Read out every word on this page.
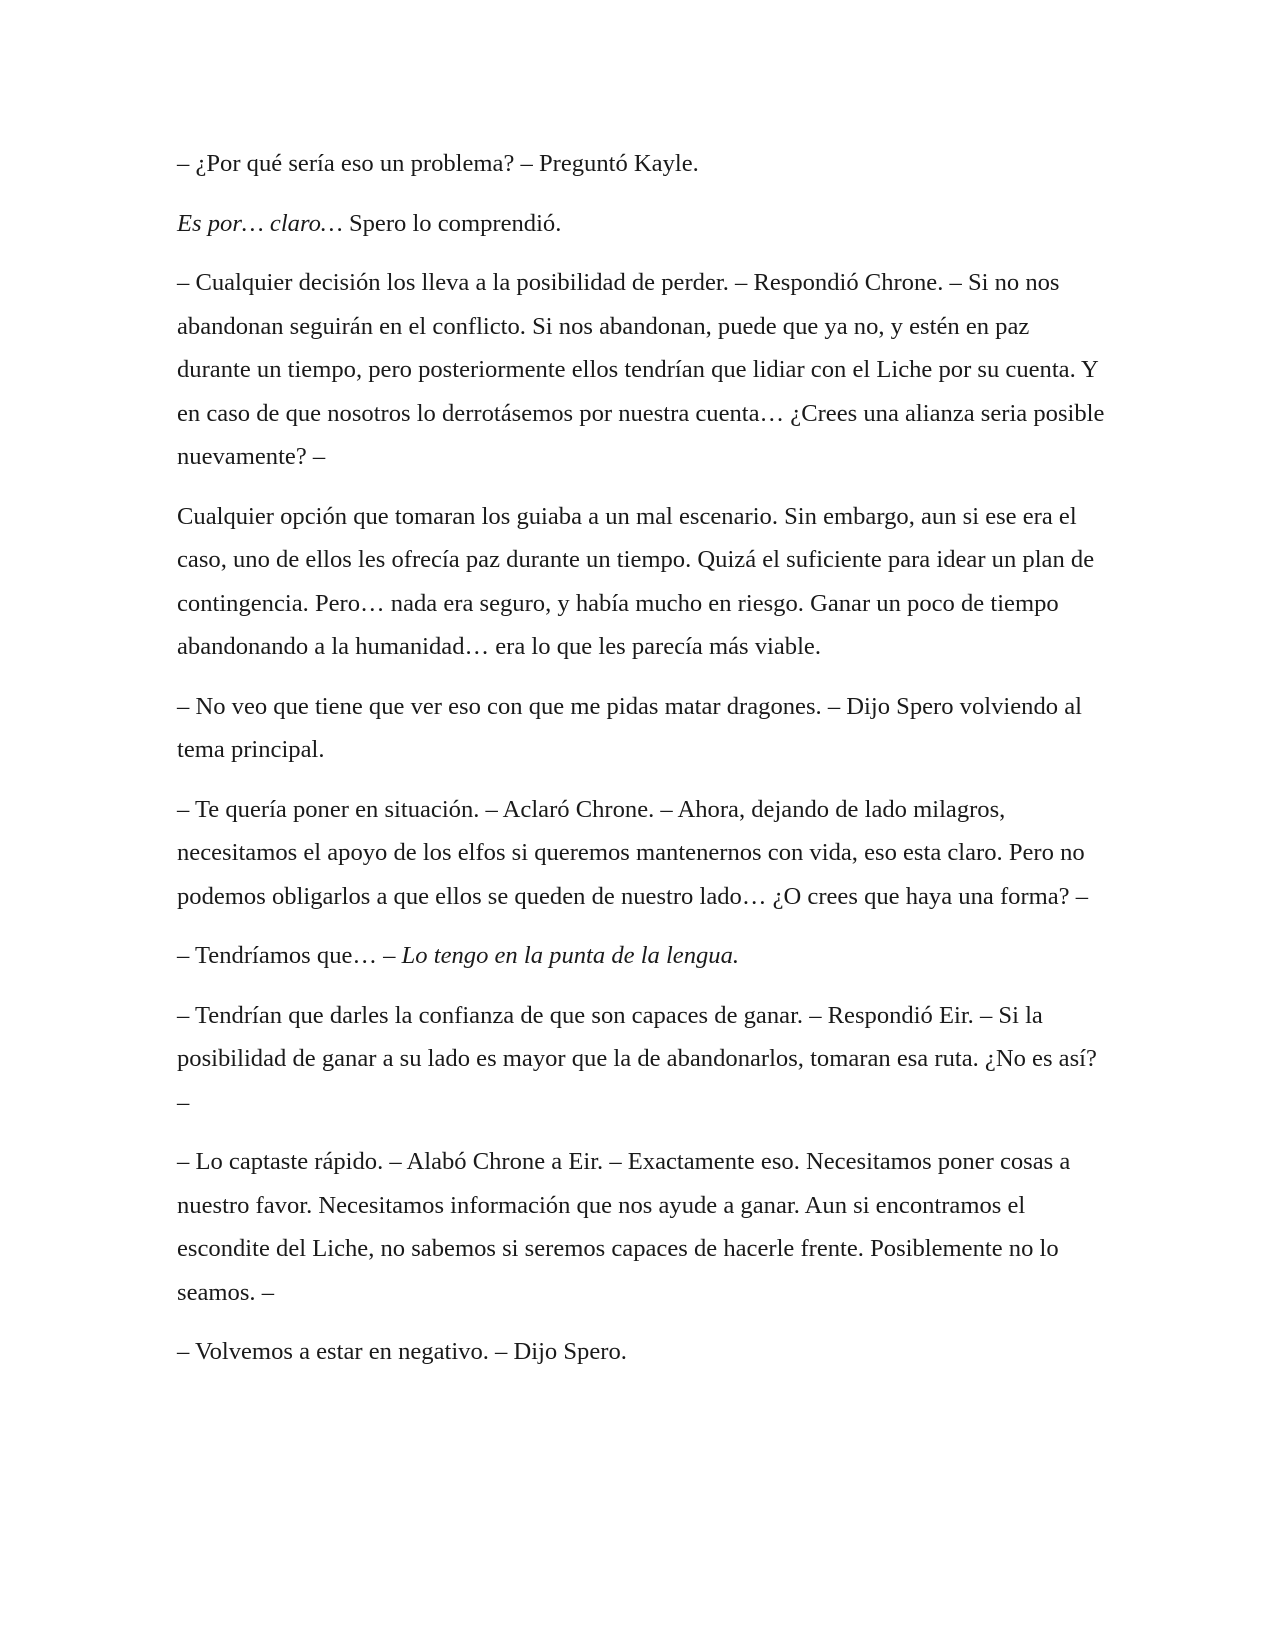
– ¿Por qué sería eso un problema? – Preguntó Kayle.

Es por… claro… Spero lo comprendió.

– Cualquier decisión los lleva a la posibilidad de perder. – Respondió Chrone. – Si no nos abandonan seguirán en el conflicto. Si nos abandonan, puede que ya no, y estén en paz durante un tiempo, pero posteriormente ellos tendrían que lidiar con el Liche por su cuenta. Y en caso de que nosotros lo derrotásemos por nuestra cuenta… ¿Crees una alianza seria posible nuevamente? –

Cualquier opción que tomaran los guiaba a un mal escenario. Sin embargo, aun si ese era el caso, uno de ellos les ofrecía paz durante un tiempo. Quizá el suficiente para idear un plan de contingencia. Pero… nada era seguro, y había mucho en riesgo. Ganar un poco de tiempo abandonando a la humanidad… era lo que les parecía más viable.

– No veo que tiene que ver eso con que me pidas matar dragones. – Dijo Spero volviendo al tema principal.

– Te quería poner en situación. – Aclaró Chrone. – Ahora, dejando de lado milagros, necesitamos el apoyo de los elfos si queremos mantenernos con vida, eso esta claro. Pero no podemos obligarlos a que ellos se queden de nuestro lado… ¿O crees que haya una forma? –

– Tendríamos que… – Lo tengo en la punta de la lengua.

– Tendrían que darles la confianza de que son capaces de ganar. – Respondió Eir. – Si la posibilidad de ganar a su lado es mayor que la de abandonarlos, tomaran esa ruta. ¿No es así? –

– Lo captaste rápido. – Alabó Chrone a Eir. – Exactamente eso. Necesitamos poner cosas a nuestro favor. Necesitamos información que nos ayude a ganar. Aun si encontramos el escondite del Liche, no sabemos si seremos capaces de hacerle frente. Posiblemente no lo seamos. –

– Volvemos a estar en negativo. – Dijo Spero.
